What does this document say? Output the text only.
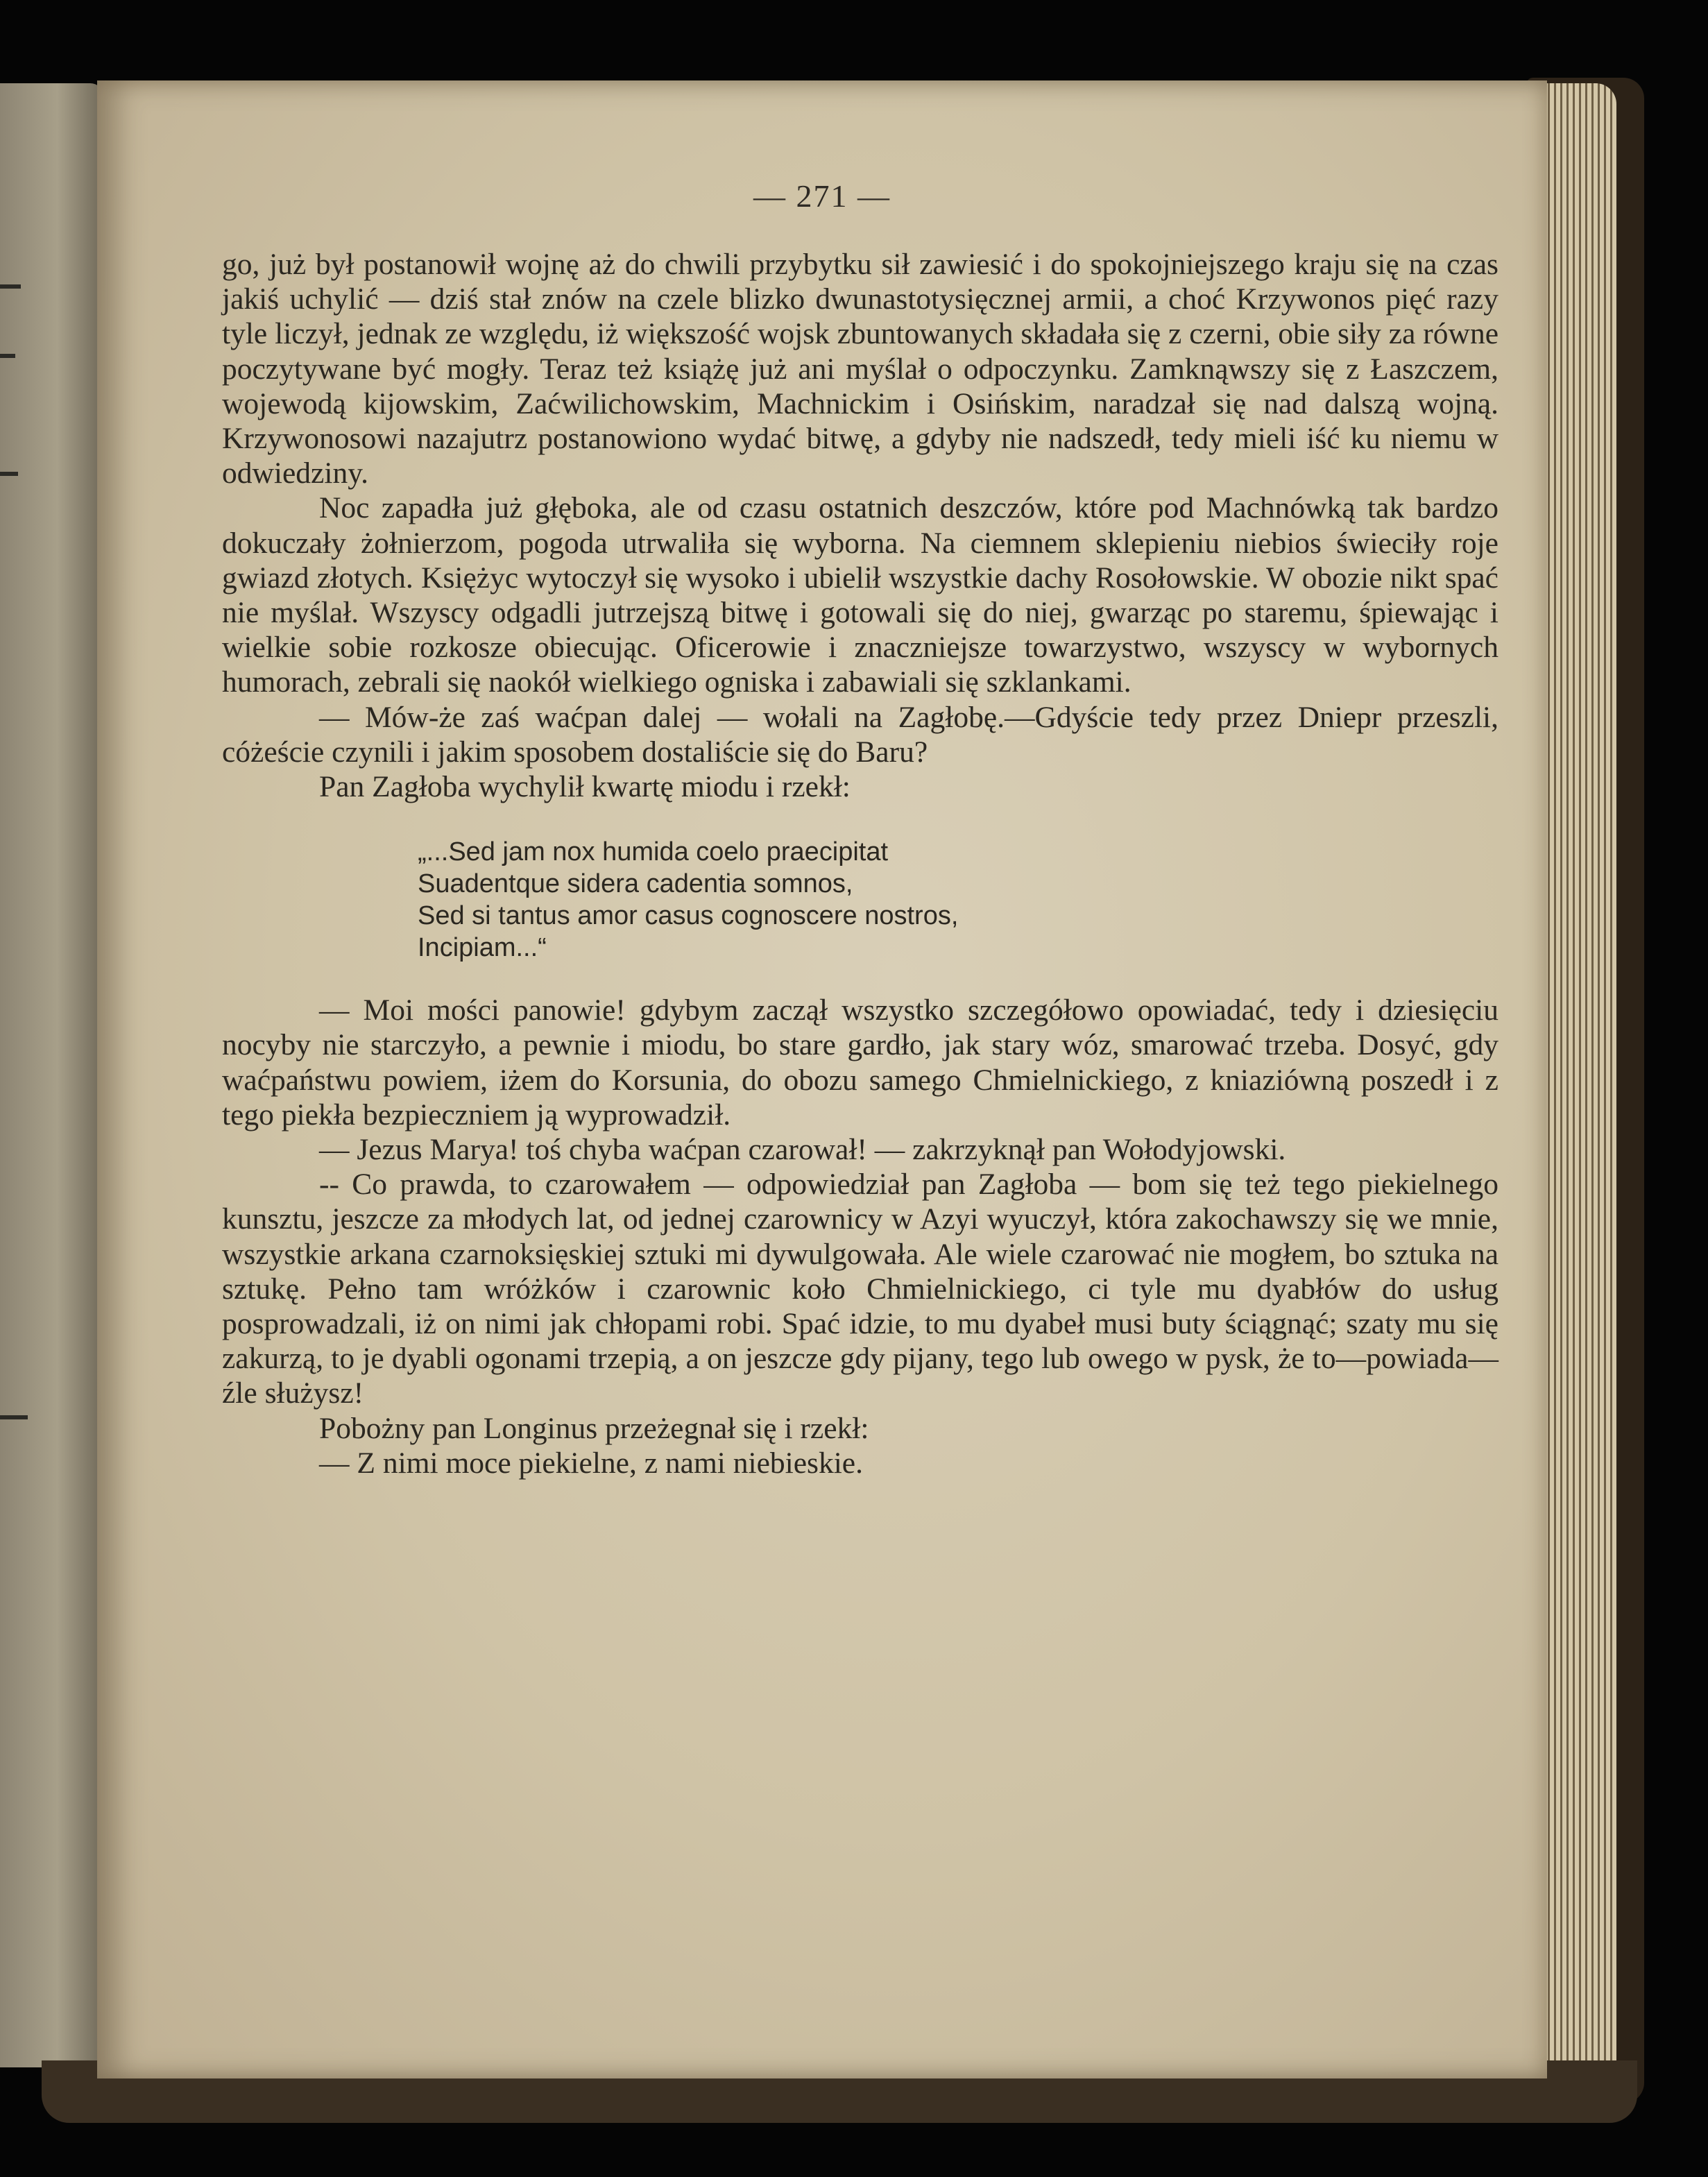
— 271 —

go, już był postanowił wojnę aż do chwili przybytku sił zawiesić i do spokojniejszego kraju się na czas jakiś uchylić — dziś stał znów na czele blizko dwunastotysięcznej armii, a choć Krzywonos pięć razy tyle liczył, jednak ze względu, iż większość wojsk zbuntowanych składała się z czerni, obie siły za równe poczytywane być mogły. Teraz też książę już ani myślał o odpoczynku. Zamknąwszy się z Łaszczem, wojewodą kijowskim, Zaćwilichowskim, Machnickim i Osińskim, naradzał się nad dalszą wojną. Krzywonosowi nazajutrz postanowiono wydać bitwę, a gdyby nie nadszedł, tedy mieli iść ku niemu w odwiedziny.

Noc zapadła już głęboka, ale od czasu ostatnich deszczów, które pod Machnówką tak bardzo dokuczały żołnierzom, pogoda utrwaliła się wyborna. Na ciemnem sklepieniu niebios świeciły roje gwiazd złotych. Księżyc wytoczył się wysoko i ubielił wszystkie dachy Rosołowskie. W obozie nikt spać nie myślał. Wszyscy odgadli jutrzejszą bitwę i gotowali się do niej, gwarząc po staremu, śpiewając i wielkie sobie rozkosze obiecując. Oficerowie i znaczniejsze towarzystwo, wszyscy w wybornych humorach, zebrali się naokół wielkiego ogniska i zabawiali się szklankami.

— Mów-że zaś waćpan dalej — wołali na Zagłobę.—Gdyście tedy przez Dniepr przeszli, cóżeście czynili i jakim sposobem dostaliście się do Baru?

Pan Zagłoba wychylił kwartę miodu i rzekł:

„...Sed jam nox humida coelo praecipitat
Suadentque sidera cadentia somnos,
Sed si tantus amor casus cognoscere nostros,
Incipiam...“

— Moi mości panowie! gdybym zaczął wszystko szczegółowo opowiadać, tedy i dziesięciu nocyby nie starczyło, a pewnie i miodu, bo stare gardło, jak stary wóz, smarować trzeba. Dosyć, gdy waćpaństwu powiem, iżem do Korsunia, do obozu samego Chmielnickiego, z kniaziówną poszedł i z tego piekła bezpieczniem ją wyprowadził.

— Jezus Marya! toś chyba waćpan czarował! — zakrzyknął pan Wołodyjowski.

-- Co prawda, to czarowałem — odpowiedział pan Zagłoba — bom się też tego piekielnego kunsztu, jeszcze za młodych lat, od jednej czarownicy w Azyi wyuczył, która zakochawszy się we mnie, wszystkie arkana czarnoksięskiej sztuki mi dywulgowała. Ale wiele czarować nie mogłem, bo sztuka na sztukę. Pełno tam wróżków i czarownic koło Chmielnickiego, ci tyle mu dyabłów do usług posprowadzali, iż on nimi jak chłopami robi. Spać idzie, to mu dyabeł musi buty ściągnąć; szaty mu się zakurzą, to je dyabli ogonami trzepią, a on jeszcze gdy pijany, tego lub owego w pysk, że to—powiada—źle służysz!

Pobożny pan Longinus przeżegnał się i rzekł:

— Z nimi moce piekielne, z nami niebieskie.
